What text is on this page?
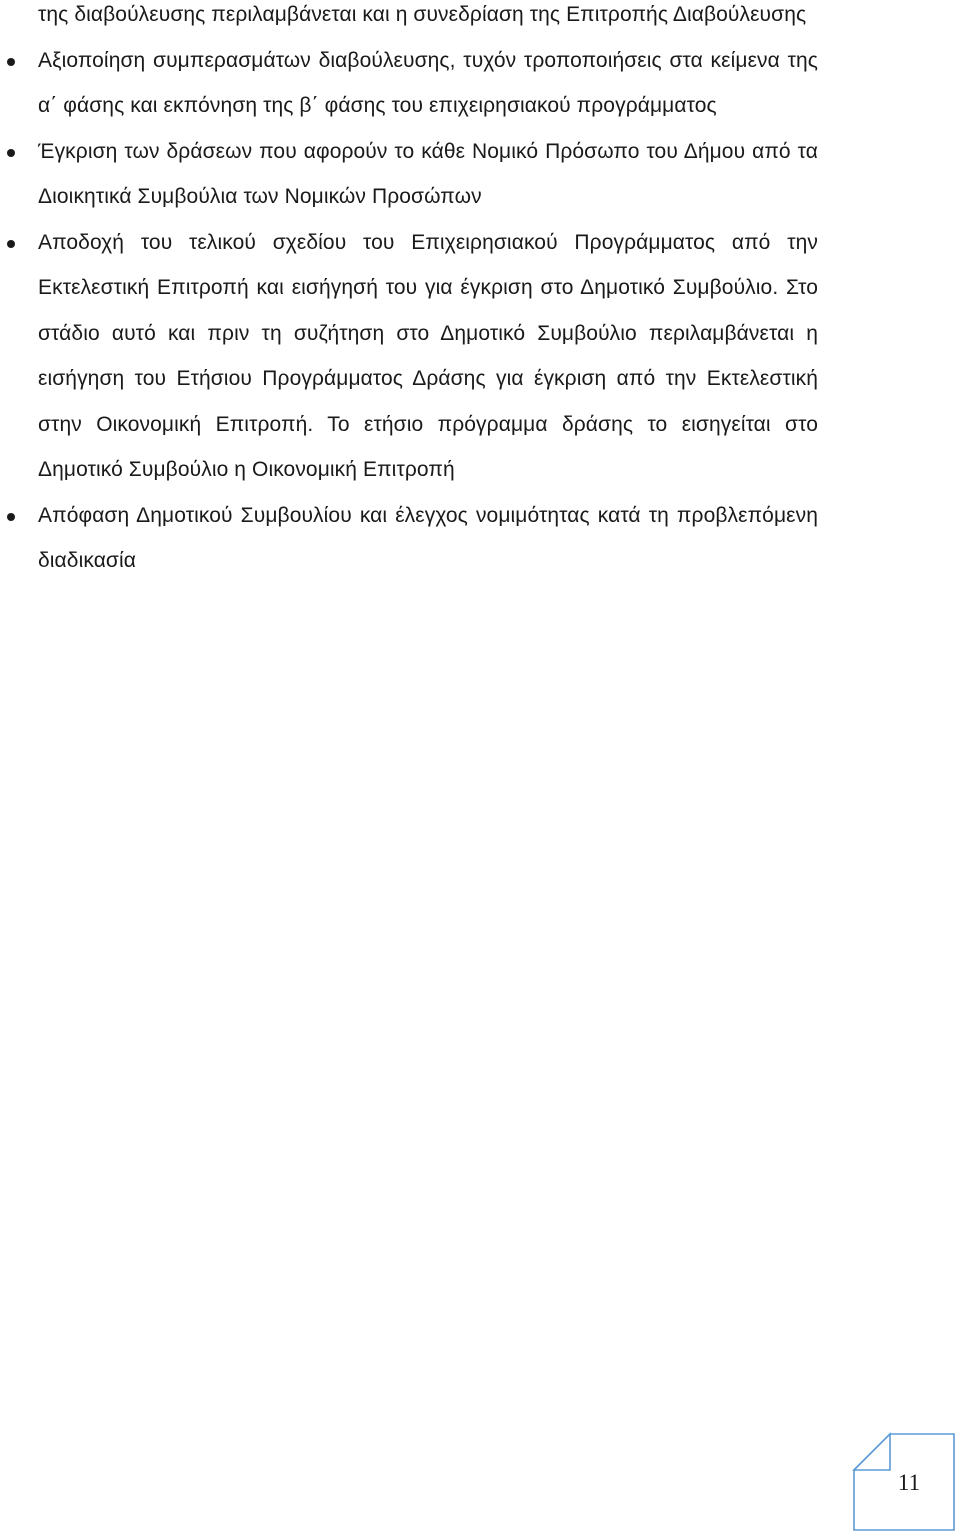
της διαβούλευσης περιλαμβάνεται και η συνεδρίαση της Επιτροπής Διαβούλευσης

Αξιοποίηση συμπερασμάτων διαβούλευσης, τυχόν τροποποιήσεις στα κείμενα της α΄ φάσης και εκπόνηση της β΄ φάσης του επιχειρησιακού προγράμματος
Έγκριση των δράσεων που αφορούν το κάθε Νομικό Πρόσωπο του Δήμου από τα Διοικητικά Συμβούλια των Νομικών Προσώπων
Αποδοχή του τελικού σχεδίου του Επιχειρησιακού Προγράμματος από την Εκτελεστική Επιτροπή και εισήγησή του για έγκριση στο Δημοτικό Συμβούλιο. Στο στάδιο αυτό και πριν τη συζήτηση στο Δημοτικό Συμβούλιο περιλαμβάνεται η εισήγηση του Ετήσιου Προγράμματος Δράσης για έγκριση από την Εκτελεστική στην Οικονομική Επιτροπή. Το ετήσιο πρόγραμμα δράσης το εισηγείται στο Δημοτικό Συμβούλιο η Οικονομική Επιτροπή
Απόφαση Δημοτικού Συμβουλίου και έλεγχος νομιμότητας κατά τη προβλεπόμενη διαδικασία
11
